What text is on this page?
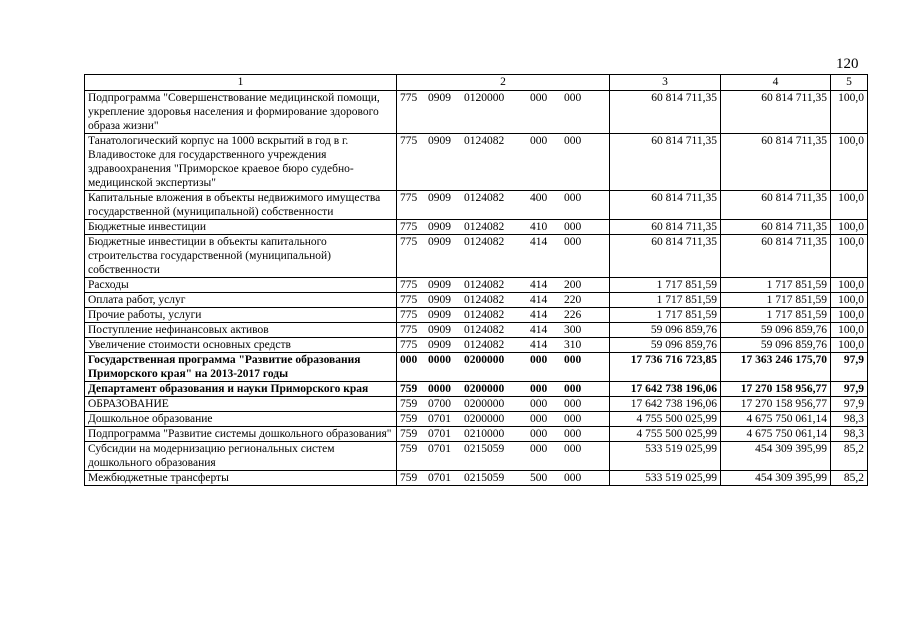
120
1	2	3	4	5
Подпрограмма "Совершенствование медицинской помощи, укрепление здоровья населения и формирование здорового образа жизни"	775 0909 0120000 000 000	60 814 711,35	60 814 711,35	100,0
Танатологический корпус на 1000 вскрытий в год в г. Владивостоке для государственного учреждения здравоохранения "Приморское краевое бюро судебно-медицинской экспертизы"	775 0909 0124082 000 000	60 814 711,35	60 814 711,35	100,0
Капитальные вложения в объекты недвижимого имущества государственной (муниципальной) собственности	775 0909 0124082 400 000	60 814 711,35	60 814 711,35	100,0
Бюджетные инвестиции	775 0909 0124082 410 000	60 814 711,35	60 814 711,35	100,0
Бюджетные инвестиции в объекты капитального строительства государственной (муниципальной) собственности	775 0909 0124082 414 000	60 814 711,35	60 814 711,35	100,0
Расходы	775 0909 0124082 414 200	1 717 851,59	1 717 851,59	100,0
Оплата работ, услуг	775 0909 0124082 414 220	1 717 851,59	1 717 851,59	100,0
Прочие работы, услуги	775 0909 0124082 414 226	1 717 851,59	1 717 851,59	100,0
Поступление нефинансовых активов	775 0909 0124082 414 300	59 096 859,76	59 096 859,76	100,0
Увеличение стоимости основных средств	775 0909 0124082 414 310	59 096 859,76	59 096 859,76	100,0
Государственная программа "Развитие образования Приморского края" на 2013-2017 годы	000 0000 0200000 000 000	17 736 716 723,85	17 363 246 175,70	97,9
Департамент образования и науки Приморского края	759 0000 0200000 000 000	17 642 738 196,06	17 270 158 956,77	97,9
ОБРАЗОВАНИЕ	759 0700 0200000 000 000	17 642 738 196,06	17 270 158 956,77	97,9
Дошкольное образование	759 0701 0200000 000 000	4 755 500 025,99	4 675 750 061,14	98,3
Подпрограмма "Развитие системы дошкольного образования"	759 0701 0210000 000 000	4 755 500 025,99	4 675 750 061,14	98,3
Субсидии на модернизацию региональных систем дошкольного образования	759 0701 0215059 000 000	533 519 025,99	454 309 395,99	85,2
Межбюджетные трансферты	759 0701 0215059 500 000	533 519 025,99	454 309 395,99	85,2
